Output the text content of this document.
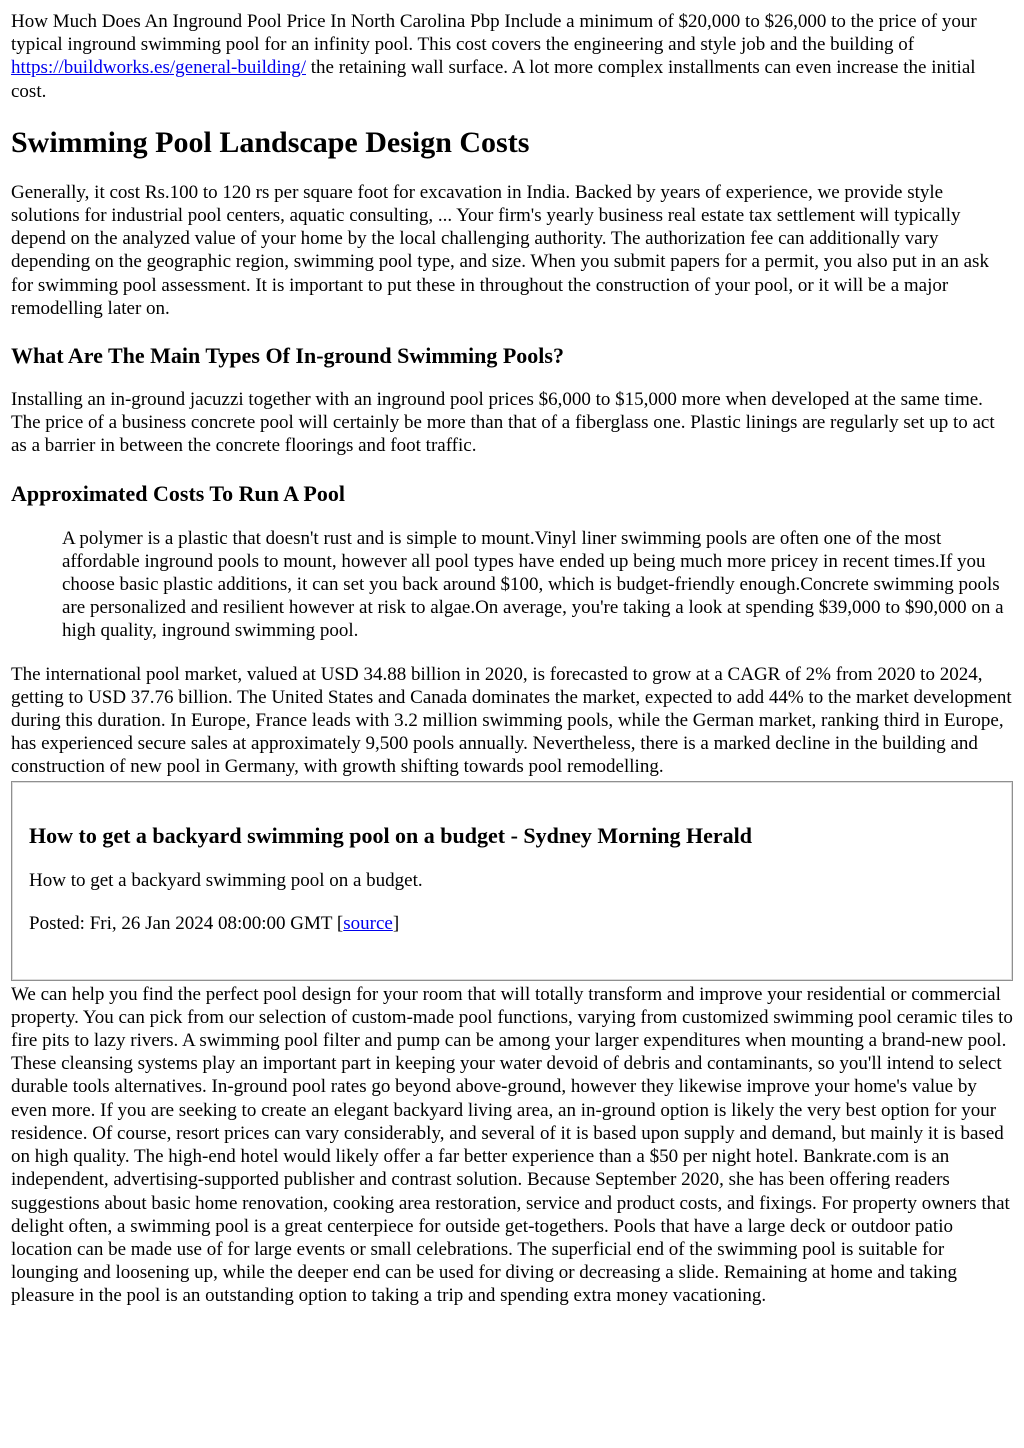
How Much Does An Inground Pool Price In North Carolina Pbp Include a minimum of $20,000 to $26,000 to the price of your typical inground swimming pool for an infinity pool. This cost covers the engineering and style job and the building of https://buildworks.es/general-building/ the retaining wall surface. A lot more complex installments can even increase the initial cost.

Swimming Pool Landscape Design Costs

Generally, it cost Rs.100 to 120 rs per square foot for excavation in India. Backed by years of experience, we provide style solutions for industrial pool centers, aquatic consulting, ... Your firm's yearly business real estate tax settlement will typically depend on the analyzed value of your home by the local challenging authority. The authorization fee can additionally vary depending on the geographic region, swimming pool type, and size. When you submit papers for a permit, you also put in an ask for swimming pool assessment. It is important to put these in throughout the construction of your pool, or it will be a major remodelling later on.

What Are The Main Types Of In-ground Swimming Pools?

Installing an in-ground jacuzzi together with an inground pool prices $6,000 to $15,000 more when developed at the same time. The price of a business concrete pool will certainly be more than that of a fiberglass one. Plastic linings are regularly set up to act as a barrier in between the concrete floorings and foot traffic.

Approximated Costs To Run A Pool
A polymer is a plastic that doesn't rust and is simple to mount.Vinyl liner swimming pools are often one of the most affordable inground pools to mount, however all pool types have ended up being much more pricey in recent times.If you choose basic plastic additions, it can set you back around $100, which is budget-friendly enough.Concrete swimming pools are personalized and resilient however at risk to algae.On average, you're taking a look at spending $39,000 to $90,000 on a high quality, inground swimming pool.

The international pool market, valued at USD 34.88 billion in 2020, is forecasted to grow at a CAGR of 2% from 2020 to 2024, getting to USD 37.76 billion. The United States and Canada dominates the market, expected to add 44% to the market development during this duration. In Europe, France leads with 3.2 million swimming pools, while the German market, ranking third in Europe, has experienced secure sales at approximately 9,500 pools annually. Nevertheless, there is a marked decline in the building and construction of new pool in Germany, with growth shifting towards pool remodelling.

How to get a backyard swimming pool on a budget - Sydney Morning Herald

How to get a backyard swimming pool on a budget.

Posted: Fri, 26 Jan 2024 08:00:00 GMT [source]

We can help you find the perfect pool design for your room that will totally transform and improve your residential or commercial property. You can pick from our selection of custom-made pool functions, varying from customized swimming pool ceramic tiles to fire pits to lazy rivers. A swimming pool filter and pump can be among your larger expenditures when mounting a brand-new pool. These cleansing systems play an important part in keeping your water devoid of debris and contaminants, so you'll intend to select durable tools alternatives. In-ground pool rates go beyond above-ground, however they likewise improve your home's value by even more. If you are seeking to create an elegant backyard living area, an in-ground option is likely the very best option for your residence. Of course, resort prices can vary considerably, and several of it is based upon supply and demand, but mainly it is based on high quality. The high-end hotel would likely offer a far better experience than a $50 per night hotel. Bankrate.com is an independent, advertising-supported publisher and contrast solution. Because September 2020, she has been offering readers suggestions about basic home renovation, cooking area restoration, service and product costs, and fixings. For property owners that delight often, a swimming pool is a great centerpiece for outside get-togethers. Pools that have a large deck or outdoor patio location can be made use of for large events or small celebrations. The superficial end of the swimming pool is suitable for lounging and loosening up, while the deeper end can be used for diving or decreasing a slide. Remaining at home and taking pleasure in the pool is an outstanding option to taking a trip and spending extra money vacationing.
